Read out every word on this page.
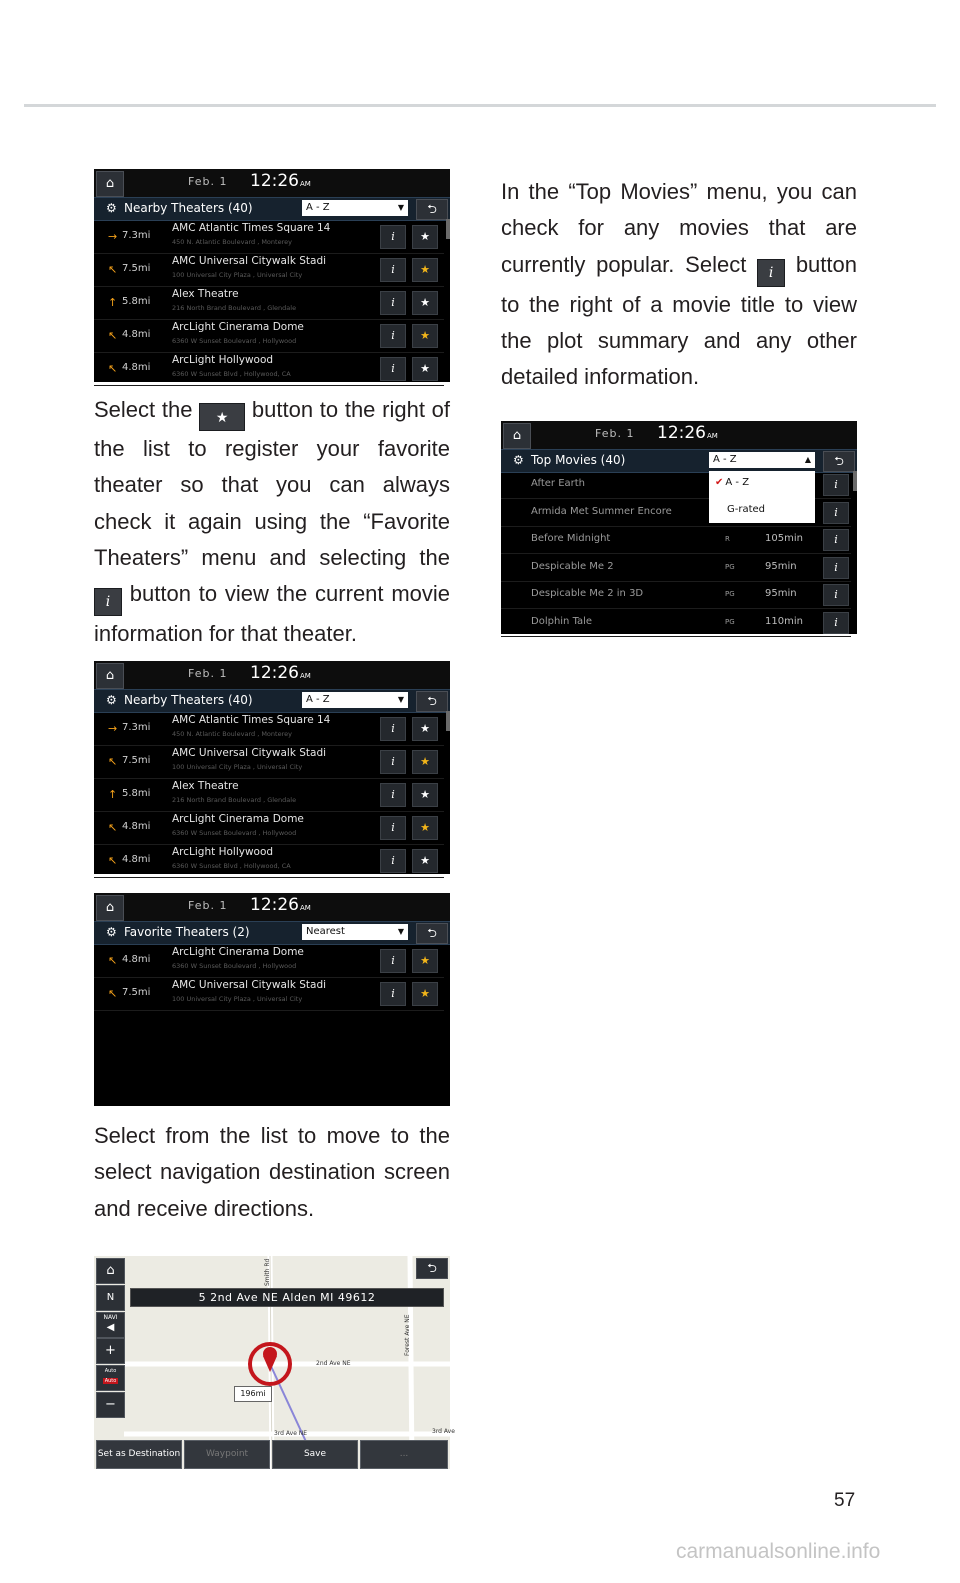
⌂	Feb. 1 12:26AM
⚙ Nearby Theaters (40)	A - Z	▼	⮌
→ 7.3mi
AMC Atlantic Times Square 14
450 N. Atlantic Boulevard , Monterey	i	★
↖ 7.5mi
AMC Universal Citywalk Stadi
100 Universal City Plaza , Universal City	i	★
↑ 5.8mi
Alex Theatre
216 North Brand Boulevard , Glendale	i	★
↖ 4.8mi
ArcLight Cinerama Dome
6360 W Sunset Boulevard , Hollywood	i	★
↖ 4.8mi
ArcLight Hollywood
6360 W Sunset Blvd , Hollywood, CA	i	★

Select the ★ button to the right of the list to register your favorite theater so that you can always check it again using the “Favorite Theaters” menu and selecting the i button to view the current movie information for that theater.

⌂	Feb. 1 12:26AM
⚙ Nearby Theaters (40)	A - Z	▼	⮌
→ 7.3mi
AMC Atlantic Times Square 14
450 N. Atlantic Boulevard , Monterey	i	★
↖ 7.5mi
AMC Universal Citywalk Stadi
100 Universal City Plaza , Universal City	i	★
↑ 5.8mi
Alex Theatre
216 North Brand Boulevard , Glendale	i	★
↖ 4.8mi
ArcLight Cinerama Dome
6360 W Sunset Boulevard , Hollywood	i	★
↖ 4.8mi
ArcLight Hollywood
6360 W Sunset Blvd , Hollywood, CA	i	★
⌂	Feb. 1 12:26AM
⚙ Favorite Theaters (2)	Nearest	▼	⮌
↖ 4.8mi
ArcLight Cinerama Dome
6360 W Sunset Boulevard , Hollywood	i	★
↖ 7.5mi
AMC Universal Citywalk Stadi
100 Universal City Plaza , Universal City	i	★

Select from the list to move to the select navigation destination screen and receive directions.

⌂
N
NAVI
◀
+
Auto
Auto
−
⮌
5 2nd Ave NE Alden MI 49612
Smith Rd
Forest Ave NE
2nd Ave NE
3rd Ave NE	3rd Ave
196mi
Set as Destination	Waypoint	Save	...

In the “Top Movies” menu, you can check for any movies that are currently popular. Select i button to the right of a movie title to view the plot summary and any other detailed information.

⌂	Feb. 1 12:26AM
⚙ Top Movies (40)	A - Z	▲	⮌
After Earth	i
Armida Met Summer Encore	i
Before Midnight	R	105min	i
Despicable Me 2	PG	95min	i
Despicable Me 2 in 3D	PG	95min	i
Dolphin Tale	PG	110min	i
✔ A - Z
G-rated
57
carmanualsonline.info
